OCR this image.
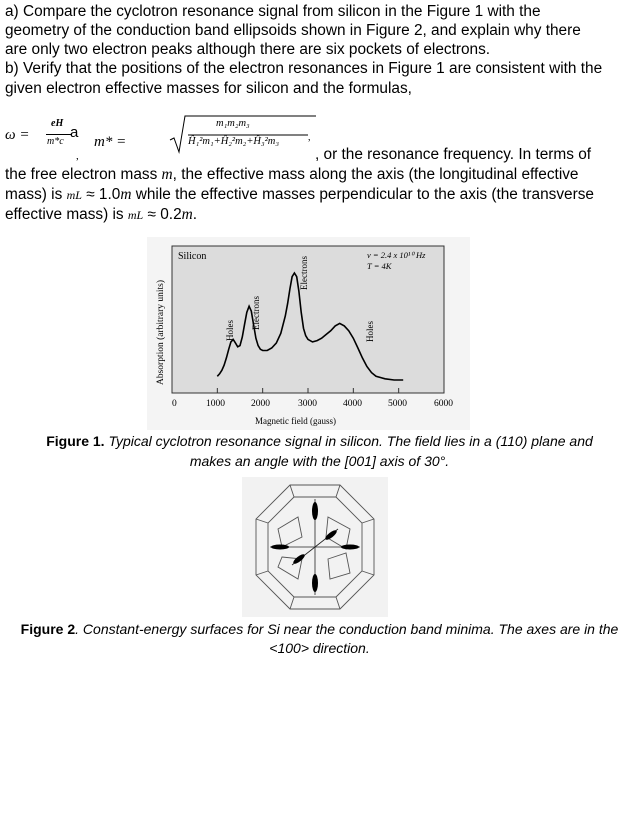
a) Compare the cyclotron resonance signal from silicon in the Figure 1 with the
geometry of the conduction band ellipsoids shown in Figure 2, and explain why there
are only two electron peaks although there are six pockets of electrons.
b) Verify that the positions of the electron resonances in Figure 1 are consistent with the
given electron effective masses for silicon and the formulas,
ω =
eH
m*c
a
m* =
m₁m₂m₃
Ĥ₁²m₁+Ĥ₂²m₂+Ĥ₃²m₃	,
,	, or the resonance frequency. In terms of
the free electron mass m, the effective mass along the axis (the longitudinal effective
mass) is mL ≈ 1.0m while the effective masses perpendicular to the axis (the transverse
effective mass) is mL ≈ 0.2m.
Silicon	ν = 2.4 x 10¹⁰ Hz
T = 4K
Holes
Electrons
Electrons
Holes
Absorption (arbitrary units)
0	1000	2000	3000	4000	5000	6000
Magnetic field (gauss)
Figure 1. Typical cyclotron resonance signal in silicon. The field lies in a (110) plane and
makes an angle with the [001] axis of 30°.
Figure 2. Constant-energy surfaces for Si near the conduction band minima. The axes are in the
<100> direction.
